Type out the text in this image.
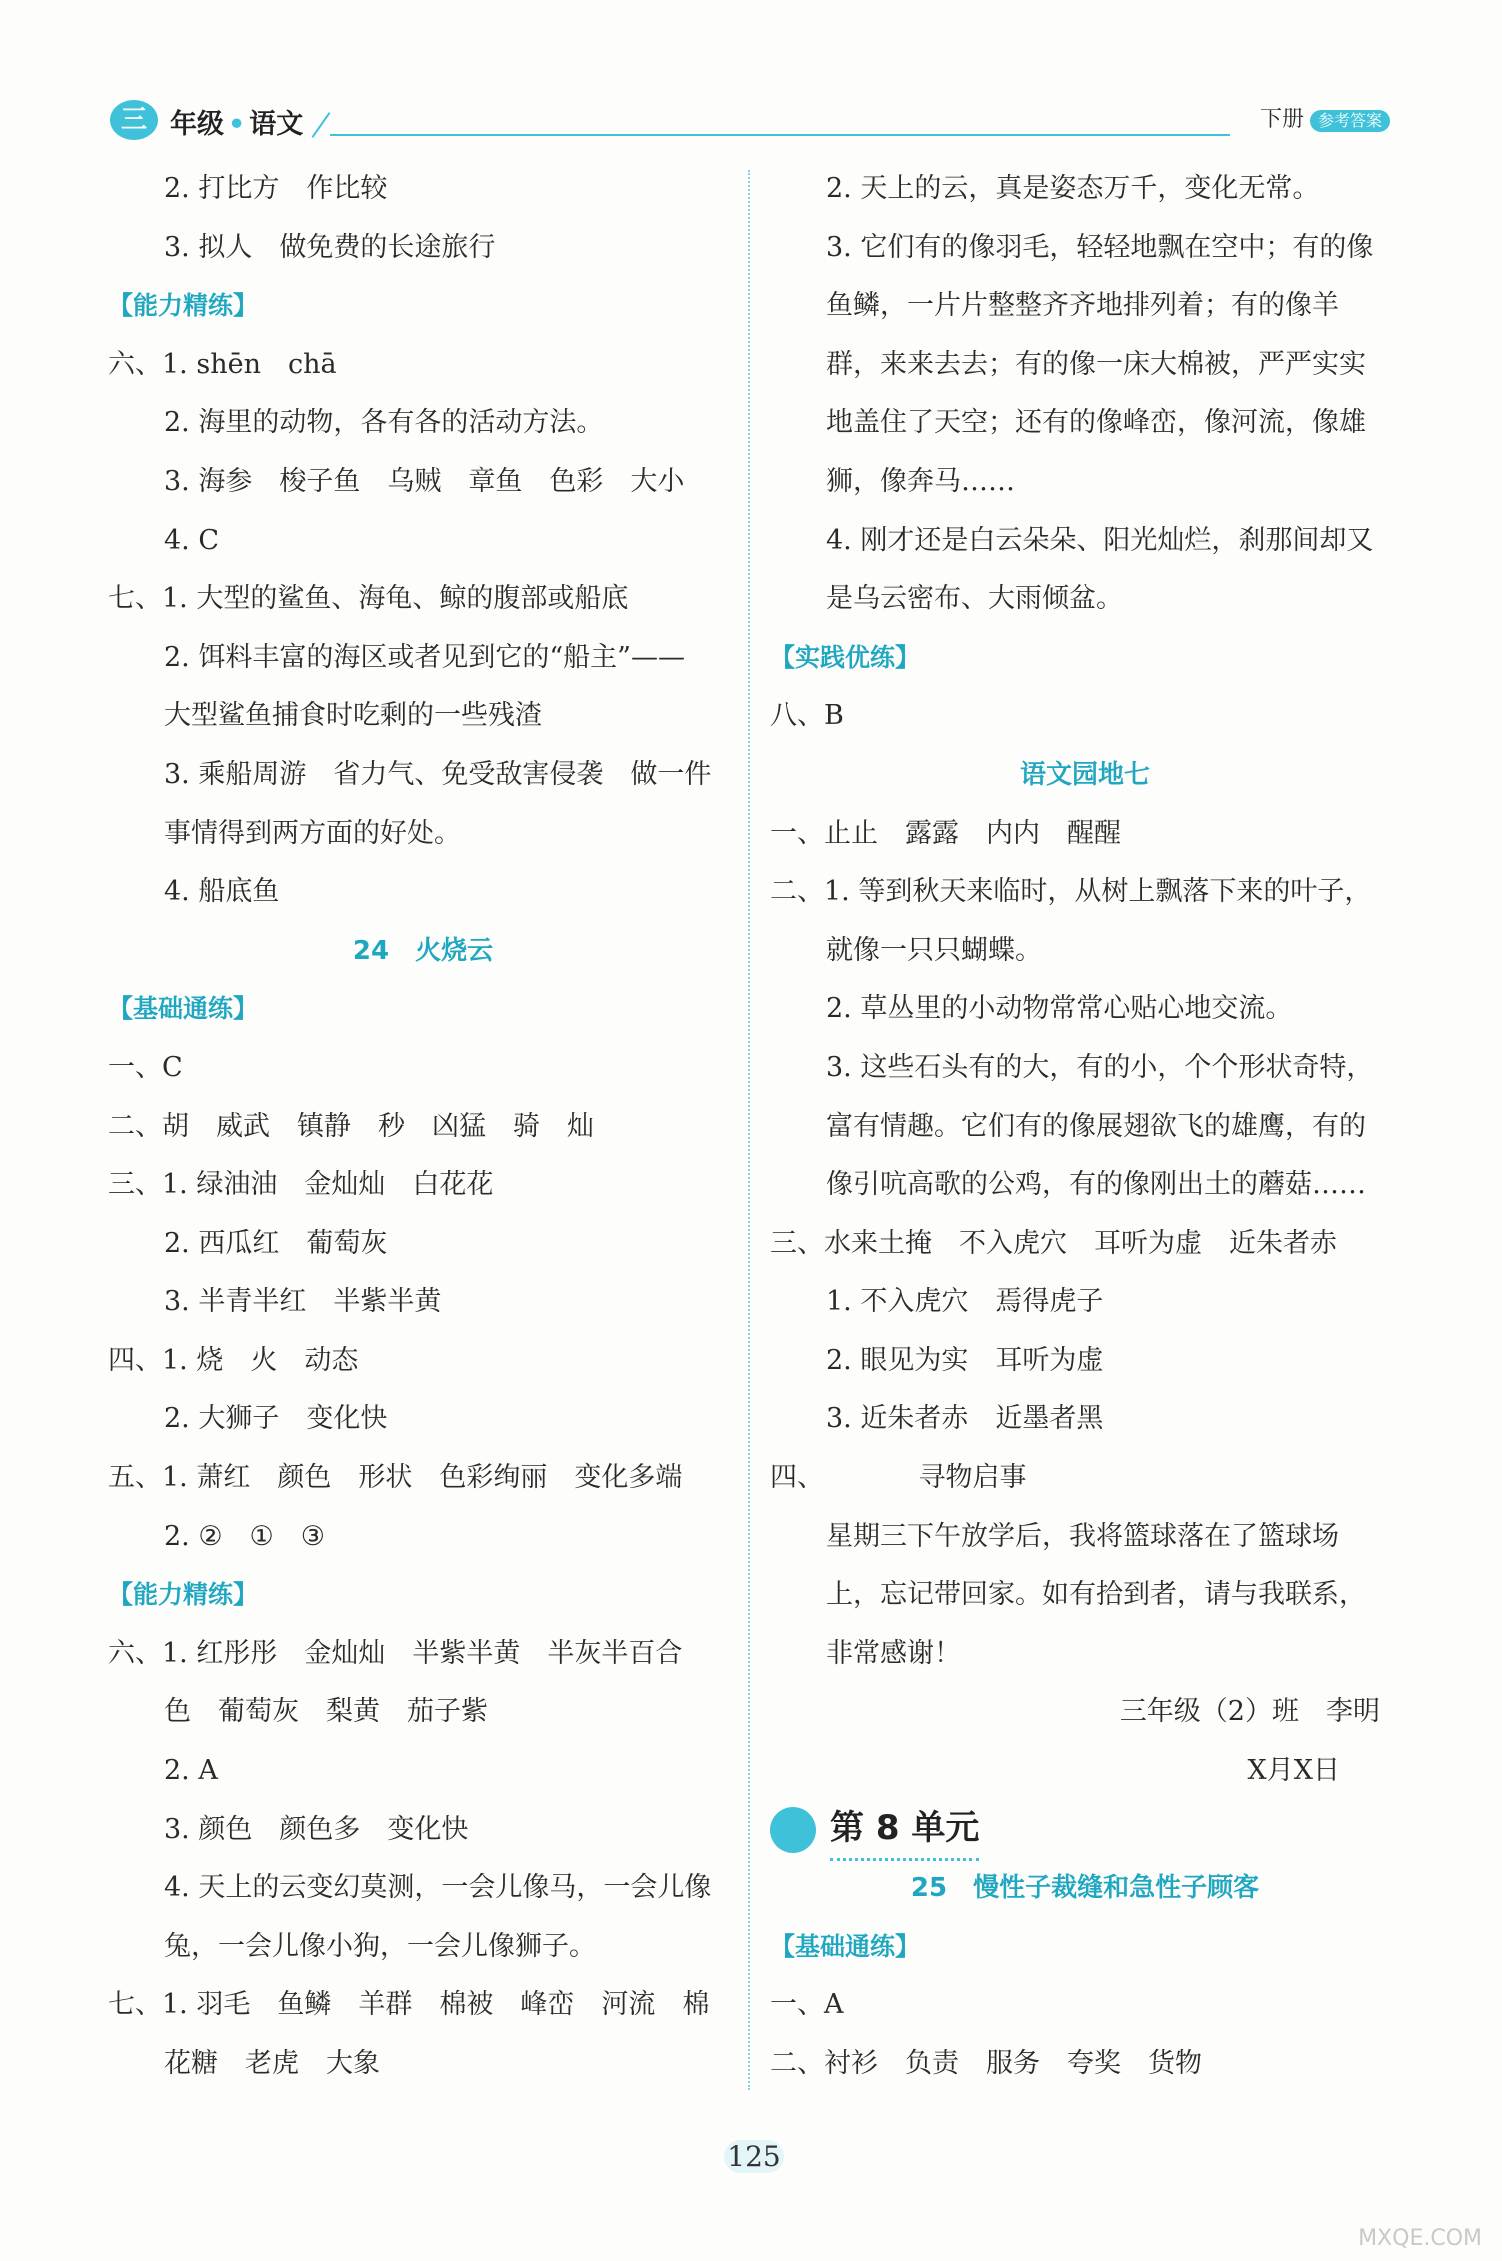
三 年级 • 语文	下册 参考答案
2. 打比方　作比较
3. 拟人　做免费的长途旅行
【能力精练】
六、1. shēn　chā
2. 海里的动物，各有各的活动方法。
3. 海参　梭子鱼　乌贼　章鱼　色彩　大小
4. C
七、1. 大型的鲨鱼、海龟、鲸的腹部或船底
2. 饵料丰富的海区或者见到它的“船主”——
大型鲨鱼捕食时吃剩的一些残渣
3. 乘船周游　省力气、免受敌害侵袭　做一件
事情得到两方面的好处。
4. 船底鱼
24　火烧云
【基础通练】
一、C
二、胡　威武　镇静　秒　凶猛　骑　灿
三、1. 绿油油　金灿灿　白花花
2. 西瓜红　葡萄灰
3. 半青半红　半紫半黄
四、1. 烧　火　动态
2. 大狮子　变化快
五、1. 萧红　颜色　形状　色彩绚丽　变化多端
2. ②　①　③
【能力精练】
六、1. 红彤彤　金灿灿　半紫半黄　半灰半百合
色　葡萄灰　梨黄　茄子紫
2. A
3. 颜色　颜色多　变化快
4. 天上的云变幻莫测，一会儿像马，一会儿像
兔，一会儿像小狗，一会儿像狮子。
七、1. 羽毛　鱼鳞　羊群　棉被　峰峦　河流　棉
花糖　老虎　大象
2. 天上的云，真是姿态万千，变化无常。
3. 它们有的像羽毛，轻轻地飘在空中；有的像
鱼鳞，一片片整整齐齐地排列着；有的像羊
群，来来去去；有的像一床大棉被，严严实实
地盖住了天空；还有的像峰峦，像河流，像雄
狮，像奔马……
4. 刚才还是白云朵朵、阳光灿烂，刹那间却又
是乌云密布、大雨倾盆。
【实践优练】
八、B
语文园地七
一、止止　露露　内内　醒醒
二、1. 等到秋天来临时，从树上飘落下来的叶子，
就像一只只蝴蝶。
2. 草丛里的小动物常常心贴心地交流。
3. 这些石头有的大，有的小，个个形状奇特，
富有情趣。它们有的像展翅欲飞的雄鹰，有的
像引吭高歌的公鸡，有的像刚出土的蘑菇……
三、水来土掩　不入虎穴　耳听为虚　近朱者赤
1. 不入虎穴　焉得虎子
2. 眼见为实　耳听为虚
3. 近朱者赤　近墨者黑
四、　　　　寻物启事
星期三下午放学后，我将篮球落在了篮球场
上，忘记带回家。如有拾到者，请与我联系，
非常感谢！
三年级（2）班　李明
X月X日
第 8 单元
25　慢性子裁缝和急性子顾客
【基础通练】
一、A
二、衬衫　负责　服务　夸奖　货物
125
MXQE.COM
